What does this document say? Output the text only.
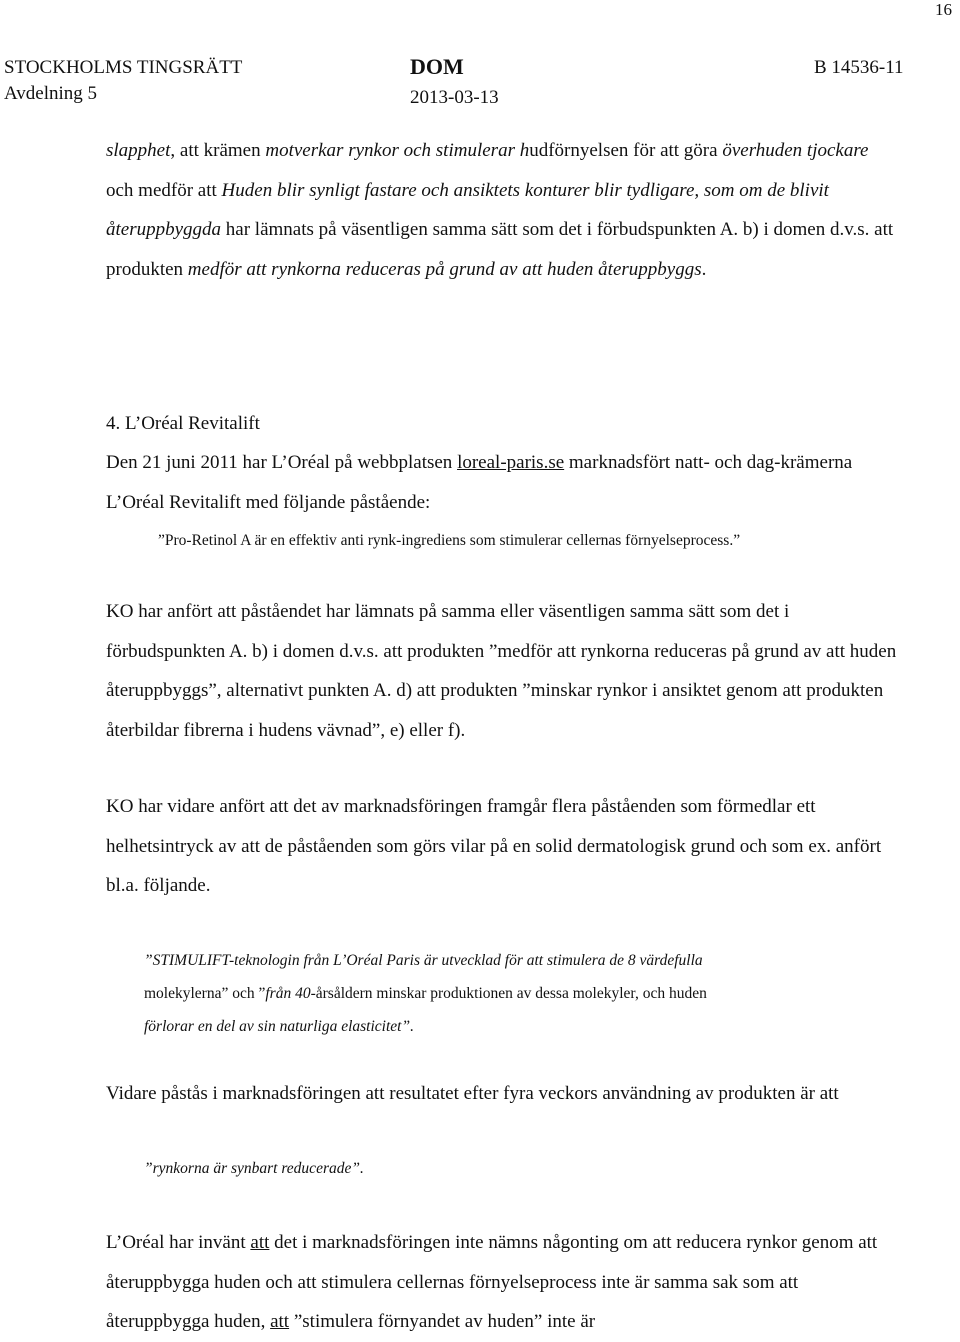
16
STOCKHOLMS TINGSRÄTT
Avdelning 5
DOM
2013-03-13
B 14536-11

slapphet, att krämen motverkar rynkor och stimulerar hudförnyelsen för att göra överhuden tjockare och medför att Huden blir synligt fastare och ansiktets konturer blir tydligare, som om de blivit återuppbyggda har lämnats på väsentligen samma sätt som det i förbudspunkten A. b) i domen d.v.s. att produkten medför att rynkorna reduceras på grund av att huden återuppbyggs.

4. L’Oréal Revitalift

Den 21 juni 2011 har L’Oréal på webbplatsen loreal-paris.se marknadsfört natt- och dag-krämerna L’Oréal Revitalift med följande påstående:

”Pro-Retinol A är en effektiv anti rynk-ingrediens som stimulerar cellernas förnyelseprocess.”
KO har anfört att påståendet har lämnats på samma eller väsentligen samma sätt som det i förbudspunkten A. b) i domen d.v.s. att produkten ”medför att rynkorna reduceras på grund av att huden återuppbyggs”, alternativt punkten A. d) att produkten ”minskar rynkor i ansiktet genom att produkten återbildar fibrerna i hudens vävnad”, e) eller f).
KO har vidare anfört att det av marknadsföringen framgår flera påståenden som förmedlar ett helhetsintryck av att de påståenden som görs vilar på en solid dermatologisk grund och som ex. anfört bl.a. följande.
”STIMULIFT-teknologin från L’Oréal Paris är utvecklad för att stimulera de 8 värdefulla
molekylerna” och ”från 40-årsåldern minskar produktionen av dessa molekyler, och huden
förlorar en del av sin naturliga elasticitet”.
Vidare påstås i marknadsföringen att resultatet efter fyra veckors användning av produkten är att
”rynkorna är synbart reducerade”.

L’Oréal har invänt att det i marknadsföringen inte nämns någonting om att reducera rynkor genom att återuppbygga huden och att stimulera cellernas förnyelseprocess inte är samma sak som att återuppbygga huden, att ”stimulera förnyandet av huden” inte är
